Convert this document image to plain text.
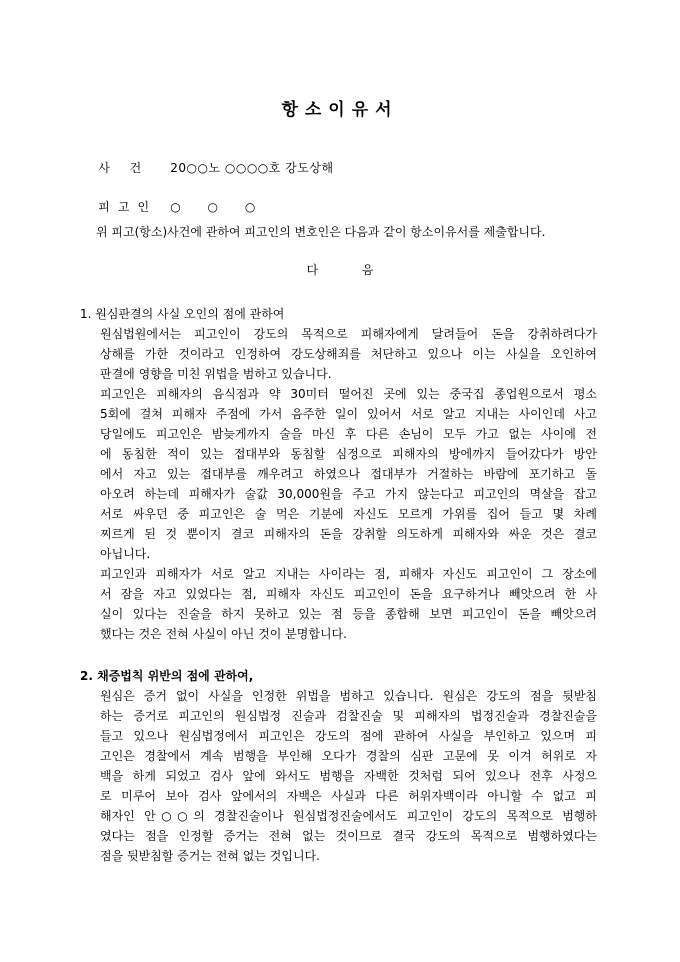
항소이유서

사 건 20○○노 ○○○○호 강도상해

피고인 ○ ○ ○

위 피고(항소)사건에 관하여 피고인의 변호인은 다음과 같이 항소이유서를 제출합니다.
다 음
1. 원심판결의 사실 오인의 점에 관하여
원심법원에서는 피고인이 강도의 목적으로 피해자에게 달려들어 돈을 강취하려다가
상해를 가한 것이라고 인정하여 강도상해죄를 처단하고 있으나 이는 사실을 오인하여
판결에 영향을 미친 위법을 범하고 있습니다.
피고인은 피해자의 음식점과 약 30미터 떨어진 곳에 있는 중국집 종업원으로서 평소
5회에 걸쳐 피해자 주점에 가서 음주한 일이 있어서 서로 알고 지내는 사이인데 사고
당일에도 피고인은 밤늦게까지 술을 마신 후 다른 손님이 모두 가고 없는 사이에 전
에 동침한 적이 있는 접대부와 동침할 심정으로 피해자의 방에까지 들어갔다가 방안
에서 자고 있는 접대부를 깨우려고 하였으나 접대부가 거절하는 바람에 포기하고 돌
아오려 하는데 피해자가 술값 30,000원을 주고 가지 않는다고 피고인의 멱살을 잡고
서로 싸우던 중 피고인은 술 먹은 기분에 자신도 모르게 가위를 집어 들고 몇 차례
찌르게 된 것 뿐이지 결코 피해자의 돈을 강취할 의도하게 피해자와 싸운 것은 결코
아닙니다.
피고인과 피해자가 서로 알고 지내는 사이라는 점, 피해자 자신도 피고인이 그 장소에
서 잠을 자고 있었다는 점, 피해자 자신도 피고인이 돈을 요구하거나 빼앗으려 한 사
실이 있다는 진술을 하지 못하고 있는 점 등을 종합해 보면 피고인이 돈을 빼앗으려
했다는 것은 전혀 사실이 아닌 것이 분명합니다.
2. 채증법칙 위반의 점에 관하여,
원심은 증거 없이 사실을 인정한 위법을 범하고 있습니다. 원심은 강도의 점을 뒷받침
하는 증거로 피고인의 원심법정 진술과 검찰진술 및 피해자의 법정진술과 경찰진술을
들고 있으나 원심법정에서 피고인은 강도의 점에 관하여 사실을 부인하고 있으며 피
고인은 경찰에서 계속 범행을 부인해 오다가 경찰의 심판 고문에 못 이겨 허위로 자
백을 하게 되었고 검사 앞에 와서도 범행을 자백한 것처럼 되어 있으나 전후 사정으
로 미루어 보아 검사 앞에서의 자백은 사실과 다른 허위자백이라 아니할 수 없고 피
해자인 안○○의 경찰진술이나 원심법정진술에서도 피고인이 강도의 목적으로 범행하
였다는 점을 인정할 증거는 전혀 없는 것이므로 결국 강도의 목적으로 범행하였다는
점을 뒷받침할 증거는 전혀 없는 것입니다.
